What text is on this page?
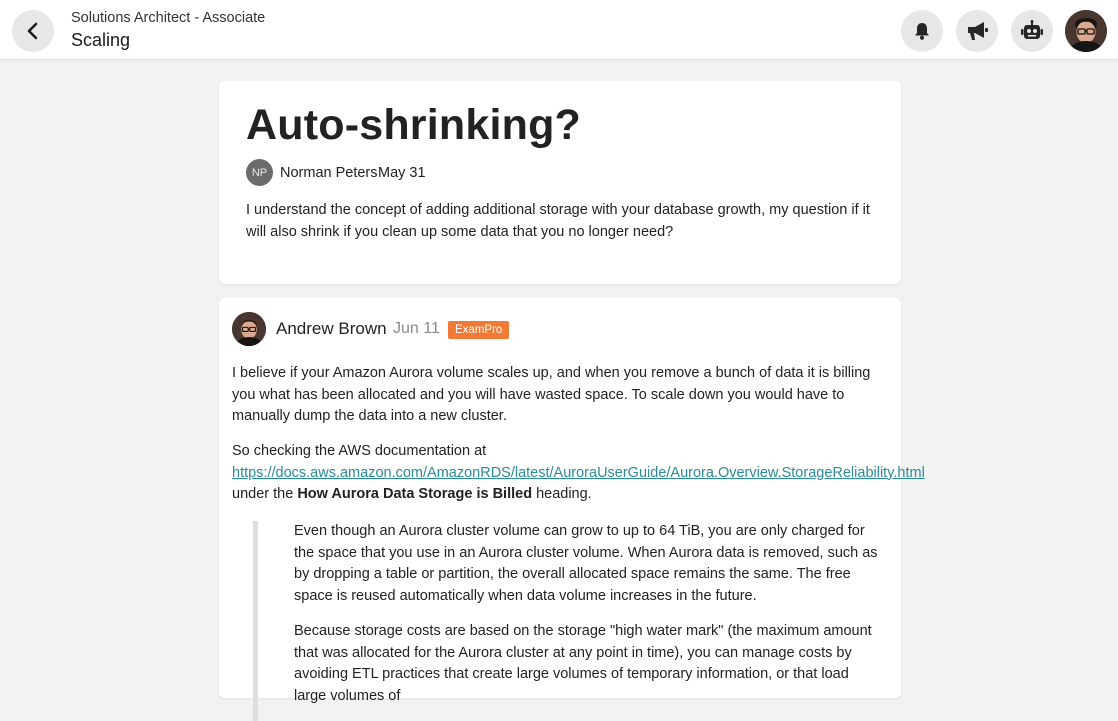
Solutions Architect - Associate
Scaling
Auto-shrinking?
NP Norman Peters May 31

I understand the concept of adding additional storage with your database growth, my question if it will also shrink if you clean up some data that you no longer need?

Andrew Brown Jun 11	ExamPro

I believe if your Amazon Aurora volume scales up, and when you remove a bunch of data it is billing you what has been allocated and you will have wasted space. To scale down you would have to manually dump the data into a new cluster.

So checking the AWS documentation at
https://docs.aws.amazon.com/AmazonRDS/latest/AuroraUserGuide/Aurora.Overview.StorageReliability.html
under the How Aurora Data Storage is Billed heading.

Even though an Aurora cluster volume can grow to up to 64 TiB, you are only charged for the space that you use in an Aurora cluster volume. When Aurora data is removed, such as by dropping a table or partition, the overall allocated space remains the same. The free space is reused automatically when data volume increases in the future.

Because storage costs are based on the storage "high water mark" (the maximum amount that was allocated for the Aurora cluster at any point in time), you can manage costs by avoiding ETL practices that create large volumes of temporary information, or that load large volumes of
